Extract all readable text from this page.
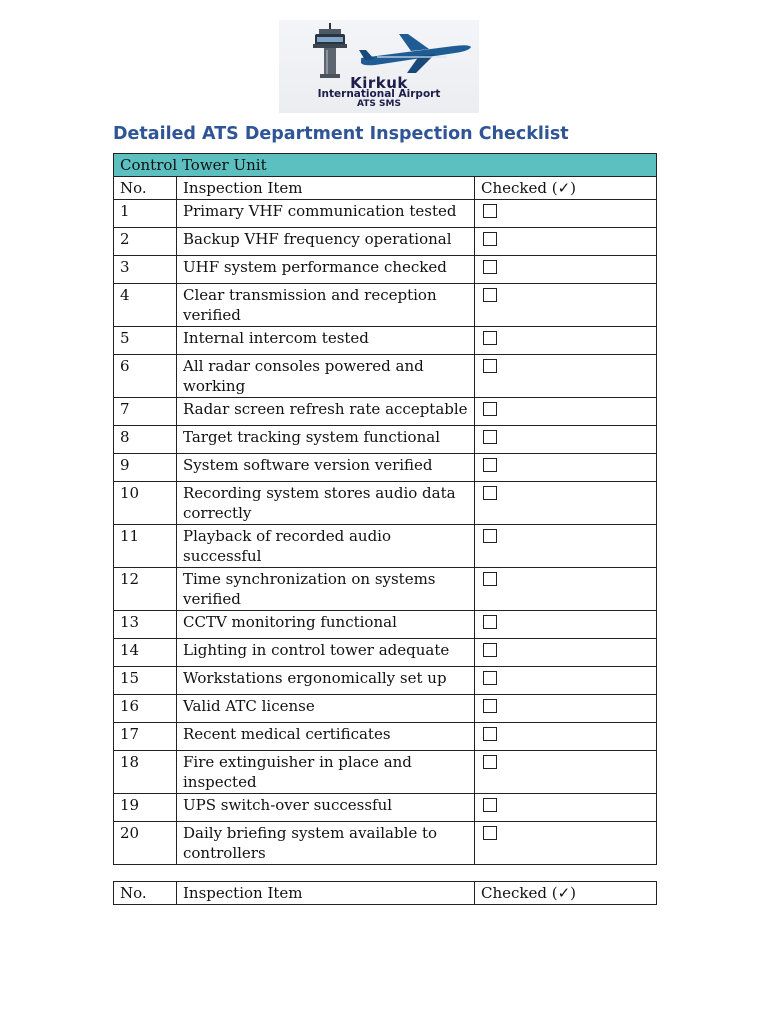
Kirkuk
International Airport
ATS SMS
Detailed ATS Department Inspection Checklist
Control Tower Unit		
No.	Inspection Item	Checked (✓)
1	Primary VHF communication tested	
2	Backup VHF frequency operational	
3	UHF system performance checked	
4	Clear transmission and reception verified	
5	Internal intercom tested	
6	All radar consoles powered and working	
7	Radar screen refresh rate acceptable	
8	Target tracking system functional	
9	System software version verified	
10	Recording system stores audio data correctly	
11	Playback of recorded audio successful	
12	Time synchronization on systems verified	
13	CCTV monitoring functional	
14	Lighting in control tower adequate	
15	Workstations ergonomically set up	
16	Valid ATC license	
17	Recent medical certificates	
18	Fire extinguisher in place and inspected	
19	UPS switch-over successful	
20	Daily briefing system available to controllers	
No.	Inspection Item	Checked (✓)
